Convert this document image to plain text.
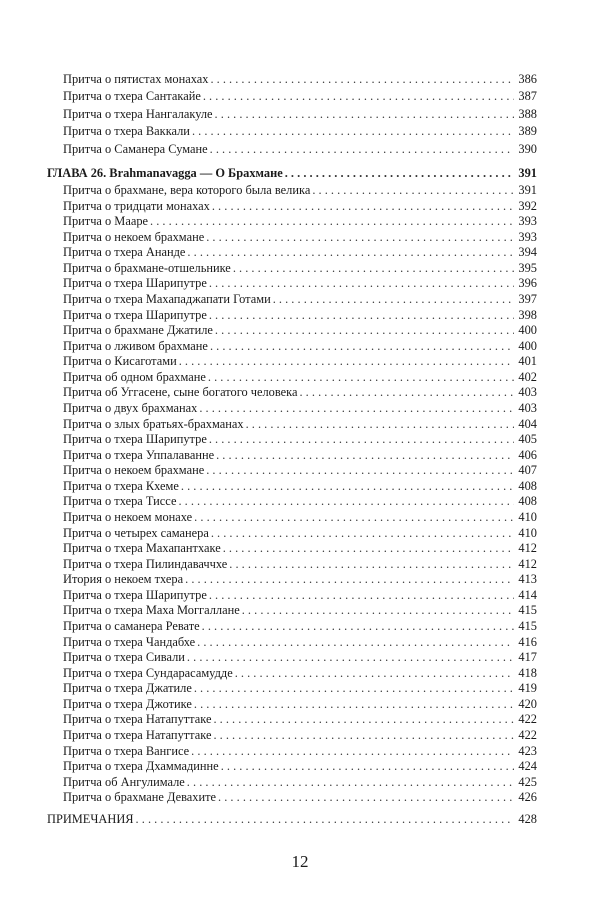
Притча о пятистах монахах . . .	386
Притча о тхера Сантакайе . . .	387
Притча о тхера Нангалакуле . . .	388
Притча о тхера Ваккали . . .	389
Притча о Саманера Сумане . . .	390
ГЛАВА 26. Brahmanavagga — О Брахмане . . .	391
Притча о брахмане, вера которого была велика . . .	391
Притча о тридцати монахах . . .	392
Притча о Мааре . . .	393
Притча о некоем брахмане . . .	393
Притча о тхера Ананде . . .	394
Притча о брахмане-отшельнике . . .	395
Притча о тхера Шарипутре . . .	396
Притча о тхера Махападжапати Готами . . .	397
Притча о тхера Шарипутре . . .	398
Притча о брахмане Джатиле . . .	400
Притча о лживом брахмане . . .	400
Притча о Кисаготами . . .	401
Притча об одном брахмане . . .	402
Притча об Уггасене, сыне богатого человека . . .	403
Притча о двух брахманах . . .	403
Притча о злых братьях-брахманах . . .	404
Притча о тхера Шарипутре . . .	405
Притча о тхера Уппалаванне . . .	406
Притча о некоем брахмане . . .	407
Притча о тхера Кхеме . . .	408
Притча о тхера Тиссе . . .	408
Притча о некоем монахе . . .	410
Притча о четырех саманера . . .	410
Притча о тхера Махапантхаке . . .	412
Притча о тхера Пилиндаваччхе . . .	412
Итория о некоем тхера . . .	413
Притча о тхера Шарипутре . . .	414
Притча о тхера Маха Моггаллане . . .	415
Притча о саманера Ревате . . .	415
Притча о тхера Чандабхе . . .	416
Притча о тхера Сивали . . .	417
Притча о тхера Сундарасамудде . . .	418
Притча о тхера Джатиле . . .	419
Притча о тхера Джотике . . .	420
Притча о тхера Натапуттаке . . .	422
Притча о тхера Натапуттаке . . .	422
Притча о тхера Вангисе . . .	423
Притча о тхера Дхаммадинне . . .	424
Притча об Ангулимале . . .	425
Притча о брахмане Девахите . . .	426
ПРИМЕЧАНИЯ . . .	428
12
